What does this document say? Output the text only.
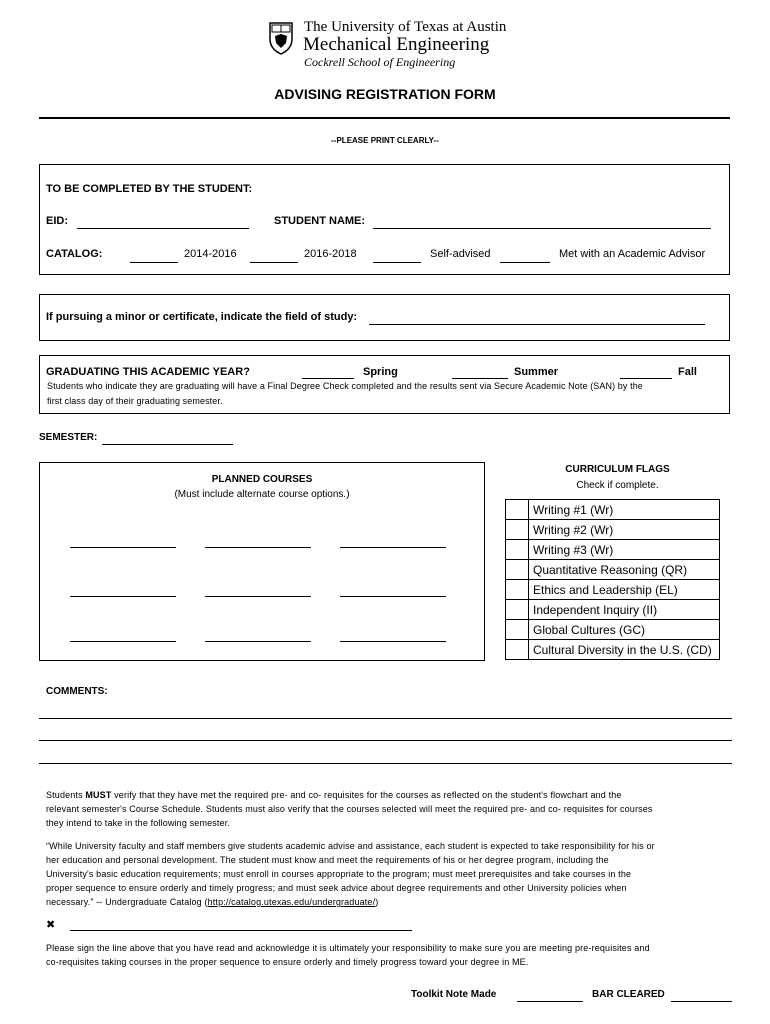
The University of Texas at Austin
Mechanical Engineering
Cockrell School of Engineering
ADVISING REGISTRATION FORM
--PLEASE PRINT CLEARLY--
TO BE COMPLETED BY THE STUDENT:
EID:	STUDENT NAME:
CATALOG:	2014-2016	2016-2018	Self-advised	Met with an Academic Advisor
If pursuing a minor or certificate, indicate the field of study:
GRADUATING THIS ACADEMIC YEAR?	Spring	Summer	Fall
Students who indicate they are graduating will have a Final Degree Check completed and the results sent via Secure Academic Note (SAN) by the
first class day of their graduating semester.
SEMESTER:
PLANNED COURSES
(Must include alternate course options.)
CURRICULUM FLAGS
Check if complete.
	Writing #1 (Wr)
	Writing #2 (Wr)
	Writing #3 (Wr)
	Quantitative Reasoning (QR)
	Ethics and Leadership (EL)
	Independent Inquiry (II)
	Global Cultures (GC)
	Cultural Diversity in the U.S. (CD)
COMMENTS:
Students MUST verify that they have met the required pre- and co- requisites for the courses as reflected on the student's flowchart and the
relevant semester's Course Schedule. Students must also verify that the courses selected will meet the required pre- and co- requisites for courses
they intend to take in the following semester.
“While University faculty and staff members give students academic advise and assistance, each student is expected to take responsibility for his or
her education and personal development. The student must know and meet the requirements of his or her degree program, including the
University's basic education requirements; must enroll in courses appropriate to the program; must meet prerequisites and take courses in the
proper sequence to ensure orderly and timely progress; and must seek advice about degree requirements and other University policies when
necessary.” -- Undergraduate Catalog (http://catalog.utexas.edu/undergraduate/)
✖
Please sign the line above that you have read and acknowledge it is ultimately your responsibility to make sure you are meeting pre-requisites and
co-requisites taking courses in the proper sequence to ensure orderly and timely progress toward your degree in ME.
Toolkit Note Made	BAR CLEARED
